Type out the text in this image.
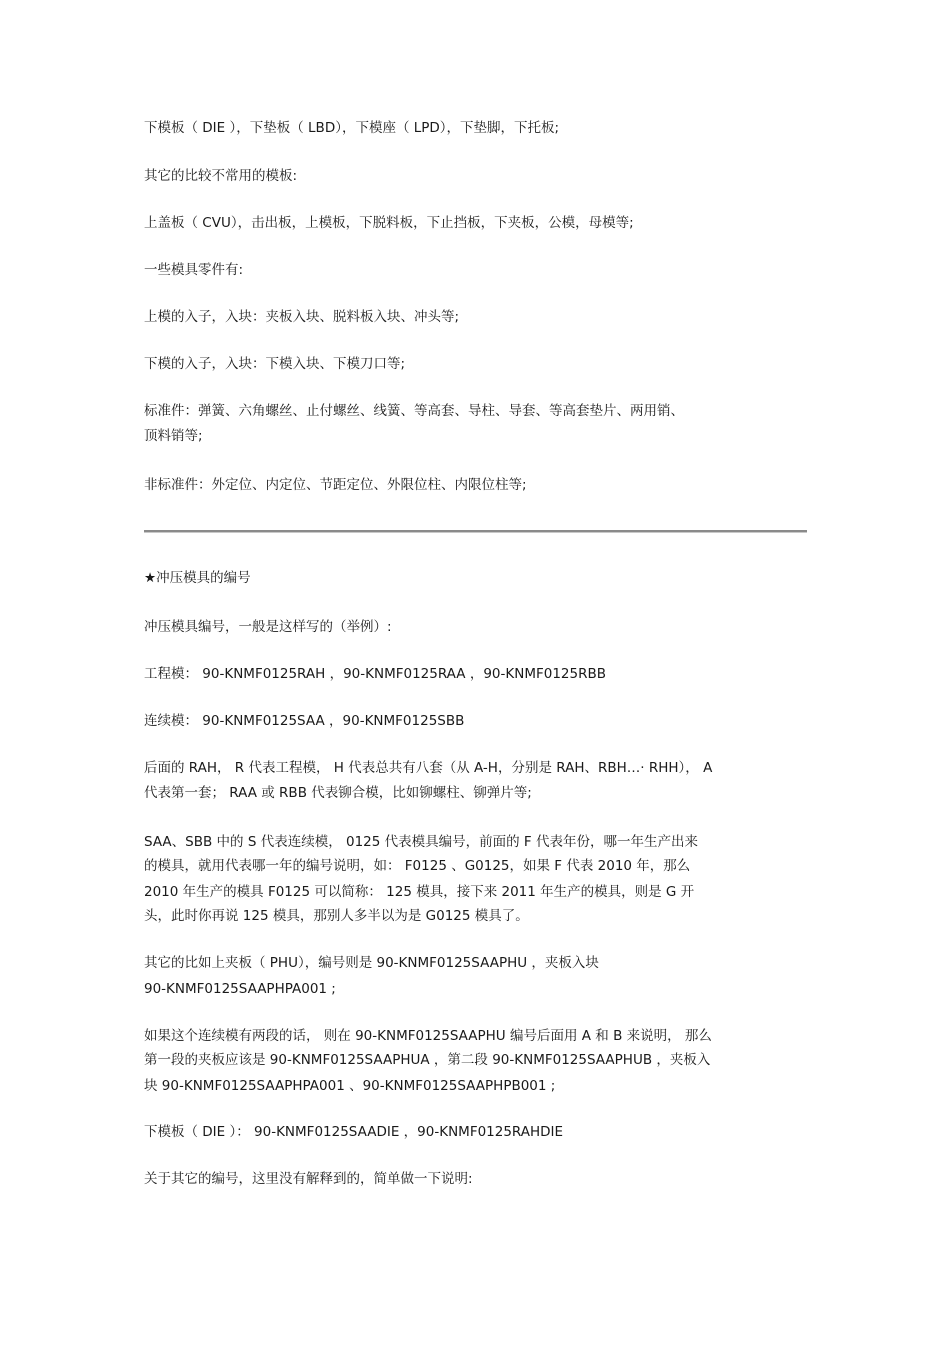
下模板（ DIE ），下垫板（ LBD），下模座（ LPD），下垫脚，下托板;
其它的比较不常用的模板:
上盖板（ CVU），击出板，上模板，下脱料板，下止挡板，下夹板，公模，母模等;
一些模具零件有:
上模的入子，入块：夹板入块、脱料板入块、冲头等;
下模的入子，入块：下模入块、下模刀口等;
标准件：弹簧、六角螺丝、止付螺丝、线簧、等高套、导柱、导套、等高套垫片、两用销、
顶料销等;
非标准件：外定位、内定位、节距定位、外限位柱、内限位柱等;
★冲压模具的编号
冲压模具编号，一般是这样写的（举例）:
工程模： 90-KNMF0125RAH ，90-KNMF0125RAA ，90-KNMF0125RBB
连续模： 90-KNMF0125SAA ，90-KNMF0125SBB
后面的 RAH， R 代表工程模， H 代表总共有八套（从 A-H，分别是 RAH、RBH…· RHH）， A
代表第一套； RAA 或 RBB 代表铆合模，比如铆螺柱、铆弹片等;
SAA、SBB 中的 S 代表连续模， 0125 代表模具编号，前面的 F 代表年份，哪一年生产出来
的模具，就用代表哪一年的编号说明，如： F0125 、G0125，如果 F 代表 2010 年，那么
2010 年生产的模具 F0125 可以简称： 125 模具，接下来 2011 年生产的模具，则是 G 开
头，此时你再说 125 模具，那别人多半以为是 G0125 模具了。
其它的比如上夹板（ PHU），编号则是 90-KNMF0125SAAPHU ，夹板入块
90-KNMF0125SAAPHPA001 ;
如果这个连续模有两段的话， 则在 90-KNMF0125SAAPHU 编号后面用 A 和 B 来说明， 那么
第一段的夹板应该是 90-KNMF0125SAAPHUA ，第二段 90-KNMF0125SAAPHUB ，夹板入
块 90-KNMF0125SAAPHPA001 、90-KNMF0125SAAPHPB001 ;
下模板（ DIE ）： 90-KNMF0125SAADIE ，90-KNMF0125RAHDIE
关于其它的编号，这里没有解释到的，简单做一下说明:
